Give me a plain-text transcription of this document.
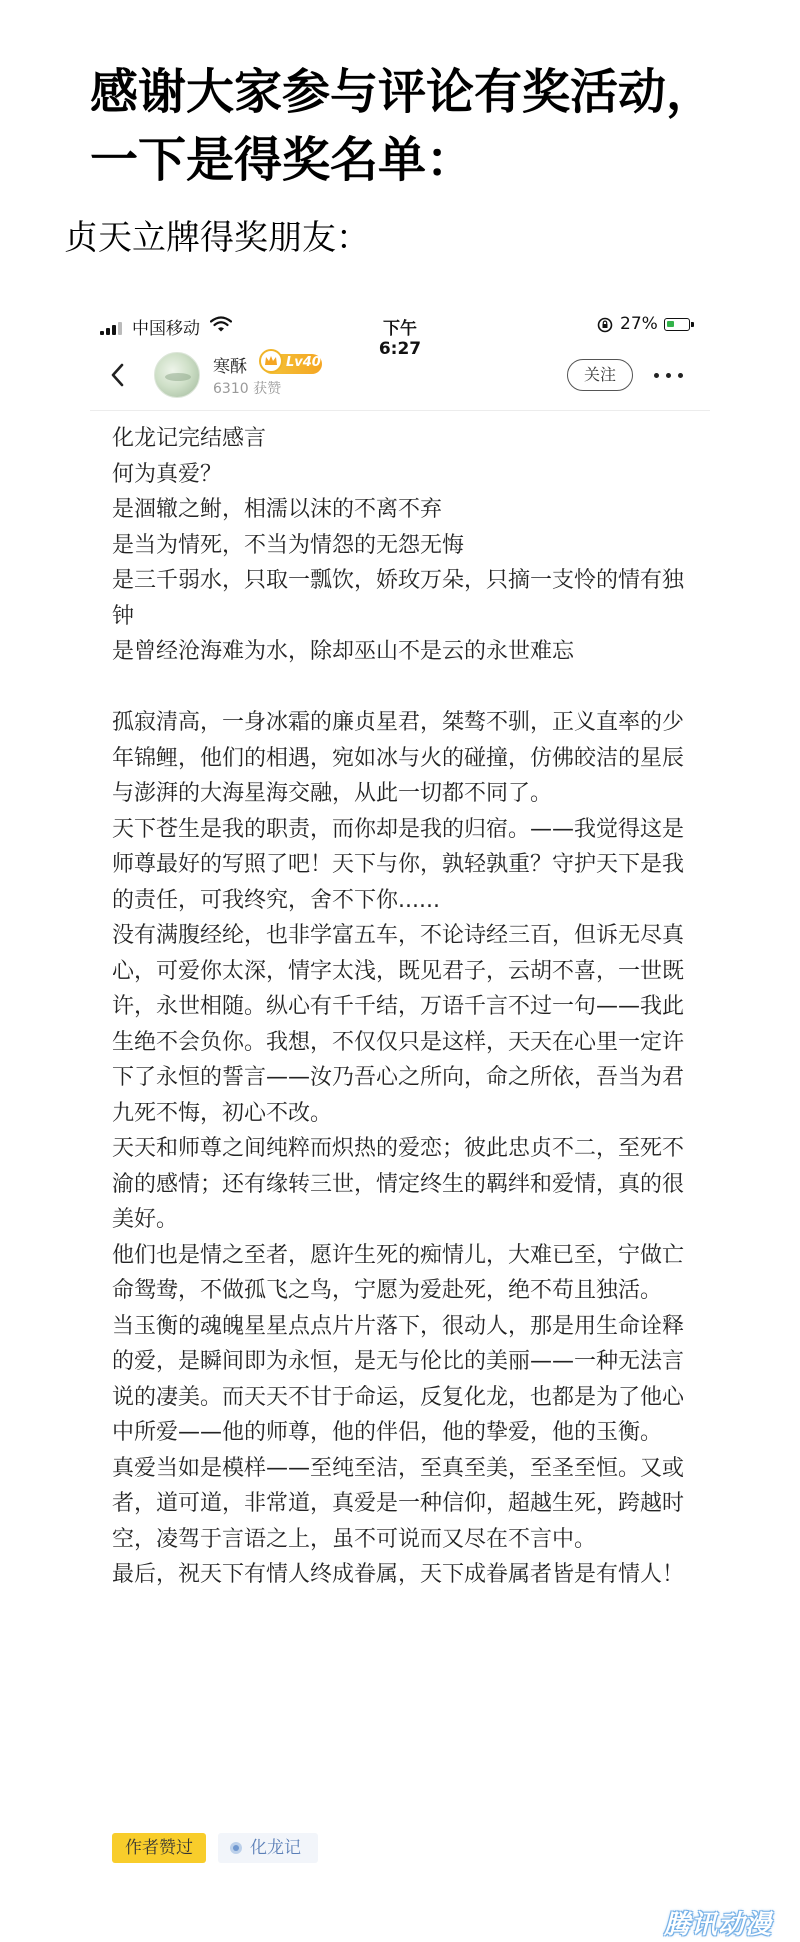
感谢大家参与评论有奖活动，
一下是得奖名单：
贞天立牌得奖朋友：
中国移动	下午 6:27
27%
寒酥	Lv40
6310 获赞
关注

化龙记完结感言

何为真爱？

是涸辙之鲋，相濡以沫的不离不弃

是当为情死，不当为情怨的无怨无悔

是三千弱水，只取一瓢饮，娇玫万朵，只摘一支怜的情有独钟

是曾经沧海难为水，除却巫山不是云的永世难忘

孤寂清高，一身冰霜的廉贞星君，桀骜不驯，正义直率的少年锦鲤，他们的相遇，宛如冰与火的碰撞，仿佛皎洁的星辰与澎湃的大海星海交融，从此一切都不同了。

天下苍生是我的职责，而你却是我的归宿。——我觉得这是师尊最好的写照了吧！天下与你，孰轻孰重？守护天下是我的责任，可我终究，舍不下你......

没有满腹经纶，也非学富五车，不论诗经三百，但诉无尽真心，可爱你太深，情字太浅，既见君子，云胡不喜，一世既许，永世相随。纵心有千千结，万语千言不过一句——我此生绝不会负你。我想，不仅仅只是这样，天天在心里一定许下了永恒的誓言——汝乃吾心之所向，命之所依，吾当为君九死不悔，初心不改。

天天和师尊之间纯粹而炽热的爱恋；彼此忠贞不二，至死不渝的感情；还有缘转三世，情定终生的羁绊和爱情，真的很美好。

他们也是情之至者，愿许生死的痴情儿，大难已至，宁做亡命鸳鸯，不做孤飞之鸟，宁愿为爱赴死，绝不苟且独活。

当玉衡的魂魄星星点点片片落下，很动人，那是用生命诠释的爱，是瞬间即为永恒，是无与伦比的美丽——一种无法言说的凄美。而天天不甘于命运，反复化龙，也都是为了他心中所爱——他的师尊，他的伴侣，他的挚爱，他的玉衡。

真爱当如是模样——至纯至洁，至真至美，至圣至恒。又或者，道可道，非常道，真爱是一种信仰，超越生死，跨越时空，凌驾于言语之上，虽不可说而又尽在不言中。

最后，祝天下有情人终成眷属，天下成眷属者皆是有情人！

作者赞过	化龙记
腾讯动漫
